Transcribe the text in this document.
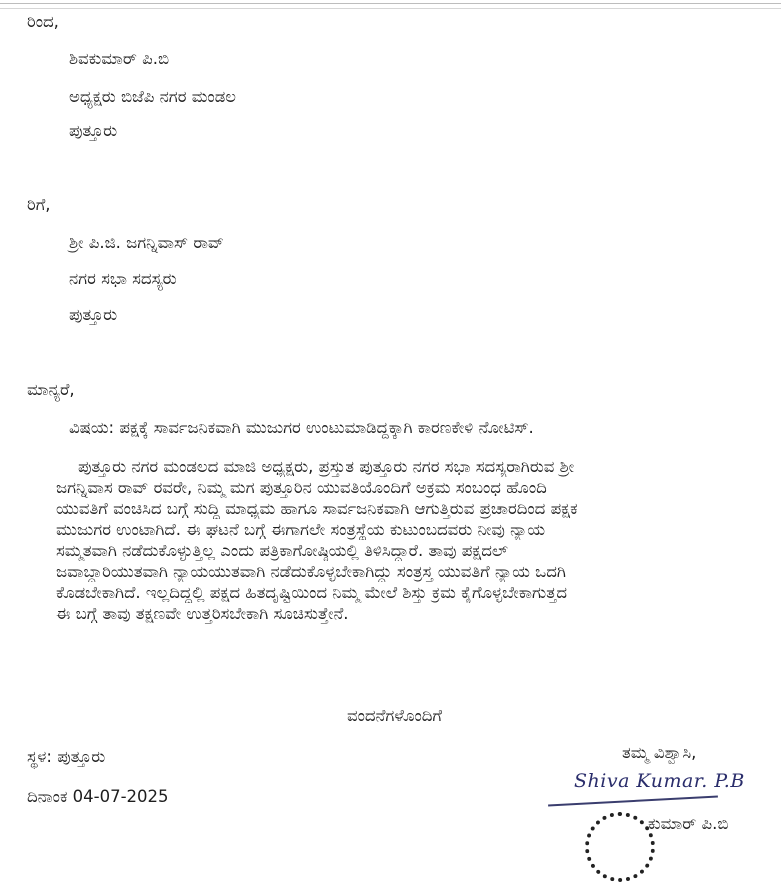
ರಿಂದ,
ಶಿವಕುಮಾರ್ ಪಿ.ಬಿ
ಅಧ್ಯಕ್ಷರು ಬಿಜೆಪಿ ನಗರ ಮಂಡಲ
ಪುತ್ತೂರು
ರಿಗೆ,
ಶ್ರೀ ಪಿ.ಜಿ. ಜಗನ್ನಿವಾಸ್ ರಾವ್
ನಗರ ಸಭಾ ಸದಸ್ಯರು
ಪುತ್ತೂರು
ಮಾನ್ಯರೆ,
ವಿಷಯ: ಪಕ್ಷಕ್ಕೆ ಸಾರ್ವಜನಿಕವಾಗಿ ಮುಜುಗರ ಉಂಟುಮಾಡಿದ್ದಕ್ಕಾಗಿ ಕಾರಣಕೇಳಿ ನೋಟಿಸ್.
ಪುತ್ತೂರು ನಗರ ಮಂಡಲದ ಮಾಜಿ ಅಧ್ಯಕ್ಷರು, ಪ್ರಸ್ತುತ ಪುತ್ತೂರು ನಗರ ಸಭಾ ಸದಸ್ಯರಾಗಿರುವ ಶ್ರೀ
ಜಗನ್ನಿವಾಸ ರಾವ್ ರವರೇ, ನಿಮ್ಮ ಮಗ ಪುತ್ತೂರಿನ ಯುವತಿಯೊಂದಿಗೆ ಅಕ್ರಮ ಸಂಬಂಧ ಹೊಂದಿ
ಯುವತಿಗೆ ವಂಚಿಸಿದ ಬಗ್ಗೆ ಸುದ್ದಿ ಮಾಧ್ಯಮ ಹಾಗೂ ಸಾರ್ವಜನಿಕವಾಗಿ ಆಗುತ್ತಿರುವ ಪ್ರಚಾರದಿಂದ ಪಕ್ಷಕ
ಮುಜುಗರ ಉಂಟಾಗಿದೆ. ಈ ಘಟನೆ ಬಗ್ಗೆ ಈಗಾಗಲೇ ಸಂತ್ರಸ್ಥೆಯ ಕುಟುಂಬದವರು ನೀವು ನ್ಯಾಯ
ಸಮ್ಮತವಾಗಿ ನಡೆದುಕೊಳ್ಳುತ್ತಿಲ್ಲ ಎಂದು ಪತ್ರಿಕಾಗೋಷ್ಠಿಯಲ್ಲಿ ತಿಳಿಸಿದ್ದಾರೆ. ತಾವು ಪಕ್ಷದಲ್
ಜವಾಬ್ದಾರಿಯುತವಾಗಿ ನ್ಯಾಯಯುತವಾಗಿ ನಡೆದುಕೊಳ್ಳಬೇಕಾಗಿದ್ದು ಸಂತ್ರಸ್ತ ಯುವತಿಗೆ ನ್ಯಾಯ ಒದಗಿ
ಕೊಡಬೇಕಾಗಿದೆ. ಇಲ್ಲದಿದ್ದಲ್ಲಿ ಪಕ್ಷದ ಹಿತದೃಷ್ಟಿಯಿಂದ ನಿಮ್ಮ ಮೇಲೆ ಶಿಸ್ತು ಕ್ರಮ ಕೈಗೊಳ್ಳಬೇಕಾಗುತ್ತದ
ಈ ಬಗ್ಗೆ ತಾವು ತಕ್ಷಣವೇ ಉತ್ತರಿಸಬೇಕಾಗಿ ಸೂಚಿಸುತ್ತೇನೆ.
ವಂದನೆಗಳೊಂದಿಗೆ
ಸ್ಥಳ: ಪುತ್ತೂರು
ದಿನಾಂಕ 04-07-2025
ತಮ್ಮ ವಿಶ್ವಾಸಿ,
Shiva Kumar. P.B
ಕುಮಾರ್ ಪಿ.ಬಿ
